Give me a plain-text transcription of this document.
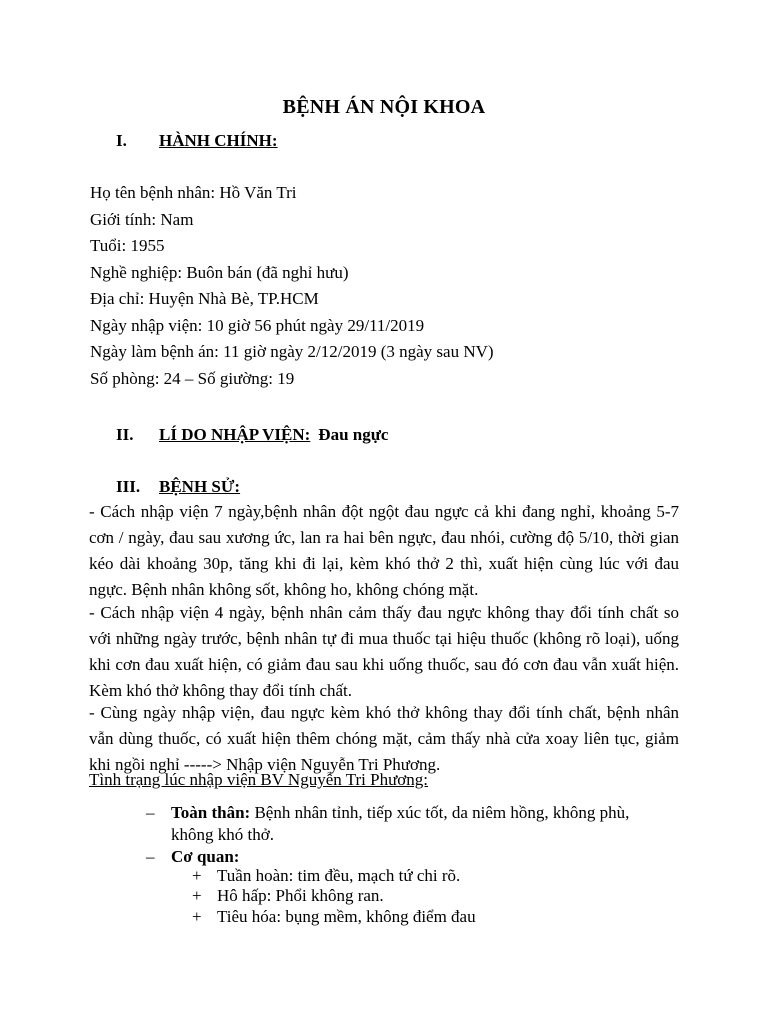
BỆNH ÁN NỘI KHOA
I.	HÀNH CHÍNH:
Họ tên bệnh nhân: Hồ Văn Tri
Giới tính: Nam
Tuổi: 1955
Nghề nghiệp: Buôn bán (đã nghỉ hưu)
Địa chỉ: Huyện Nhà Bè, TP.HCM
Ngày nhập viện: 10 giờ 56 phút ngày 29/11/2019
Ngày làm bệnh án: 11 giờ ngày 2/12/2019 (3 ngày sau NV)
Số phòng: 24 – Số giường: 19
II.	LÍ DO NHẬP VIỆN: Đau ngực
III.	BỆNH SỬ:
- Cách nhập viện 7 ngày,bệnh nhân đột ngột đau ngực cả khi đang nghỉ, khoảng 5-7 cơn / ngày, đau sau xương ức, lan ra hai bên ngực, đau nhói, cường độ 5/10, thời gian kéo dài khoảng 30p, tăng khi đi lại, kèm khó thở 2 thì, xuất hiện cùng lúc với đau ngực. Bệnh nhân không sốt, không ho, không chóng mặt.
- Cách nhập viện 4 ngày, bệnh nhân cảm thấy đau ngực không thay đổi tính chất so với những ngày trước, bệnh nhân tự đi mua thuốc tại hiệu thuốc (không rõ loại), uống khi cơn đau xuất hiện, có giảm đau sau khi uống thuốc, sau đó cơn đau vẫn xuất hiện. Kèm khó thở không thay đổi tính chất.
- Cùng ngày nhập viện, đau ngực kèm khó thở không thay đổi tính chất, bệnh nhân vẫn dùng thuốc, có xuất hiện thêm chóng mặt, cảm thấy nhà cửa xoay liên tục, giảm khi ngồi nghỉ -----> Nhập viện Nguyễn Tri Phương.
Tình trạng lúc nhập viện BV Nguyễn Tri Phương:
– Toàn thân: Bệnh nhân tỉnh, tiếp xúc tốt, da niêm hồng, không phù, không khó thở.
– Cơ quan:
+ Tuần hoàn: tim đều, mạch tứ chi rõ.
+ Hô hấp: Phổi không ran.
+ Tiêu hóa: bụng mềm, không điểm đau
